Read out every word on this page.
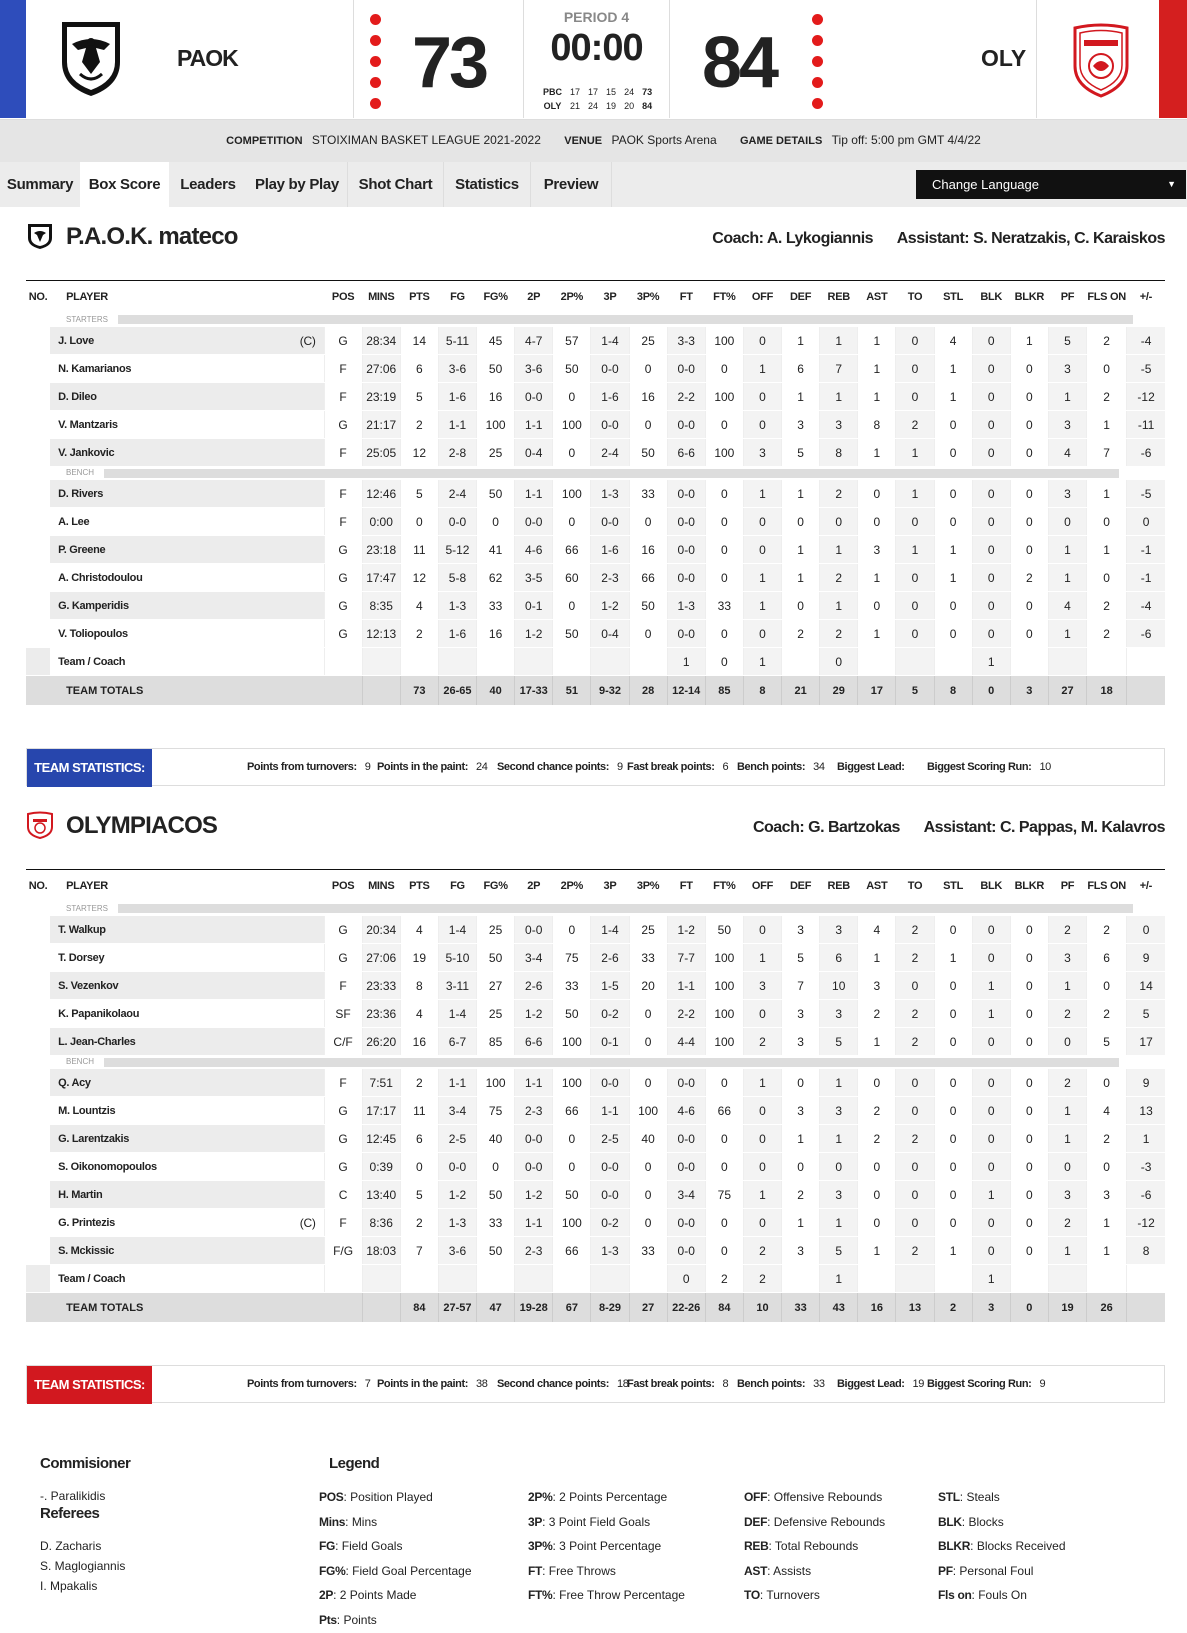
PAOK 73
PERIOD 4
00:00
PBC	17	17	15	24	73
OLY	21	24	19	20	84
84	OLY
COMPETITION STOIXIMAN BASKET LEAGUE 2021-2022 VENUE PAOK Sports Arena GAME DETAILS Tip off: 5:00 pm GMT 4/4/22
Summary	Box Score	Leaders	Play by Play	Shot Chart	Statistics	Preview	Change Language	▼
P.A.O.K. mateco	Coach: A. Lykogiannis Assistant: S. Neratzakis, C. Karaiskos
NO.	PLAYER	POS	MINS	PTS	FG	FG%	2P	2P%	3P	3P%	FT	FT%	OFF	DEF	REB	AST	TO	STL	BLK	BLKR	PF	FLS ON	+/-
STARTERS																							
6	J. Love (C)	G	28:34	14	5-11	45	4-7	57	1-4	25	3-3	100	0	1	1	1	0	4	0	1	5	2	-4
13	N. Kamarianos	F	27:06	6	3-6	50	3-6	50	0-0	0	0-0	0	1	6	7	1	0	1	0	0	3	0	-5
14	D. Dileo	F	23:19	5	1-6	16	0-0	0	1-6	16	2-2	100	0	1	1	1	0	1	0	0	1	2	-12
16	V. Mantzaris	G	21:17	2	1-1	100	1-1	100	0-0	0	0-0	0	0	3	3	8	2	0	0	0	3	1	-11
33	V. Jankovic	F	25:05	12	2-8	25	0-4	0	2-4	50	6-6	100	3	5	8	1	1	0	0	0	4	7	-6
BENCH																							
1	D. Rivers	F	12:46	5	2-4	50	1-1	100	1-3	33	0-0	0	1	1	2	0	1	0	0	0	3	1	-5
2	A. Lee	F	0:00	0	0-0	0	0-0	0	0-0	0	0-0	0	0	0	0	0	0	0	0	0	0	0	0
4	P. Greene	G	23:18	11	5-12	41	4-6	66	1-6	16	0-0	0	0	1	1	3	1	1	0	0	1	1	-1
5	A. Christodoulou	G	17:47	12	5-8	62	3-5	60	2-3	66	0-0	0	1	1	2	1	0	1	0	2	1	0	-1
21	G. Kamperidis	G	8:35	4	1-3	33	0-1	0	1-2	50	1-3	33	1	0	1	0	0	0	0	0	4	2	-4
31	V. Toliopoulos	G	12:13	2	1-6	16	1-2	50	0-4	0	0-0	0	0	2	2	1	0	0	0	0	1	2	-6
	Team / Coach										1	0	1		0				1				
	TEAM TOTALS			73	26-65	40	17-33	51	9-32	28	12-14	85	8	21	29	17	5	8	0	3	27	18	
TEAM STATISTICS:	Points from turnovers: 9 Points in the paint: 24 Second chance points: 9 Fast break points: 6 Bench points: 34 Biggest Lead:	Biggest Scoring Run: 10
OLYMPIACOS	Coach: G. Bartzokas Assistant: C. Pappas, M. Kalavros
NO.	PLAYER	POS	MINS	PTS	FG	FG%	2P	2P%	3P	3P%	FT	FT%	OFF	DEF	REB	AST	TO	STL	BLK	BLKR	PF	FLS ON	+/-
STARTERS																							
0	T. Walkup	G	20:34	4	1-4	25	0-0	0	1-4	25	1-2	50	0	3	3	4	2	0	0	0	2	2	0
2	T. Dorsey	G	27:06	19	5-10	50	3-4	75	2-6	33	7-7	100	1	5	6	1	2	1	0	0	3	6	9
14	S. Vezenkov	F	23:33	8	3-11	27	2-6	33	1-5	20	1-1	100	3	7	10	3	0	0	1	0	1	0	14
16	K. Papanikolaou	SF	23:36	4	1-4	25	1-2	50	0-2	0	2-2	100	0	3	3	2	2	0	1	0	2	2	5
17	L. Jean-Charles	C/F	26:20	16	6-7	85	6-6	100	0-1	0	4-4	100	2	3	5	1	2	0	0	0	0	5	17
BENCH																							
1	Q. Acy	F	7:51	2	1-1	100	1-1	100	0-0	0	0-0	0	1	0	1	0	0	0	0	0	2	0	9
4	M. Lountzis	G	17:17	11	3-4	75	2-3	66	1-1	100	4-6	66	0	3	3	2	0	0	0	0	1	4	13
5	G. Larentzakis	G	12:45	6	2-5	40	0-0	0	2-5	40	0-0	0	0	1	1	2	2	0	0	0	1	2	1
9	S. Oikonomopoulos	G	0:39	0	0-0	0	0-0	0	0-0	0	0-0	0	0	0	0	0	0	0	0	0	0	0	-3
12	H. Martin	C	13:40	5	1-2	50	1-2	50	0-0	0	3-4	75	1	2	3	0	0	0	1	0	3	3	-6
15	G. Printezis (C)	F	8:36	2	1-3	33	1-1	100	0-2	0	0-0	0	0	1	1	0	0	0	0	0	2	1	-12
77	S. Mckissic	F/G	18:03	7	3-6	50	2-3	66	1-3	33	0-0	0	2	3	5	1	2	1	0	0	1	1	8
	Team / Coach										0	2	2		1				1				
	TEAM TOTALS			84	27-57	47	19-28	67	8-29	27	22-26	84	10	33	43	16	13	2	3	0	19	26	
TEAM STATISTICS:	Points from turnovers: 7 Points in the paint: 38 Second chance points: 18
Fast break points: 8 Bench points: 33 Biggest Lead: 19 Biggest Scoring Run: 9
Commisioner
-. Paralikidis
Referees
D. Zacharis
S. Maglogiannis
I. Mpakalis
Legend
POS: Position Played
Mins: Mins
FG: Field Goals
FG%: Field Goal Percentage
2P: 2 Points Made
Pts: Points
2P%: 2 Points Percentage
3P: 3 Point Field Goals
3P%: 3 Point Percentage
FT: Free Throws
FT%: Free Throw Percentage
OFF: Offensive Rebounds
DEF: Defensive Rebounds
REB: Total Rebounds
AST: Assists
TO: Turnovers
STL: Steals
BLK: Blocks
BLKR: Blocks Received
PF: Personal Foul
Fls on: Fouls On
